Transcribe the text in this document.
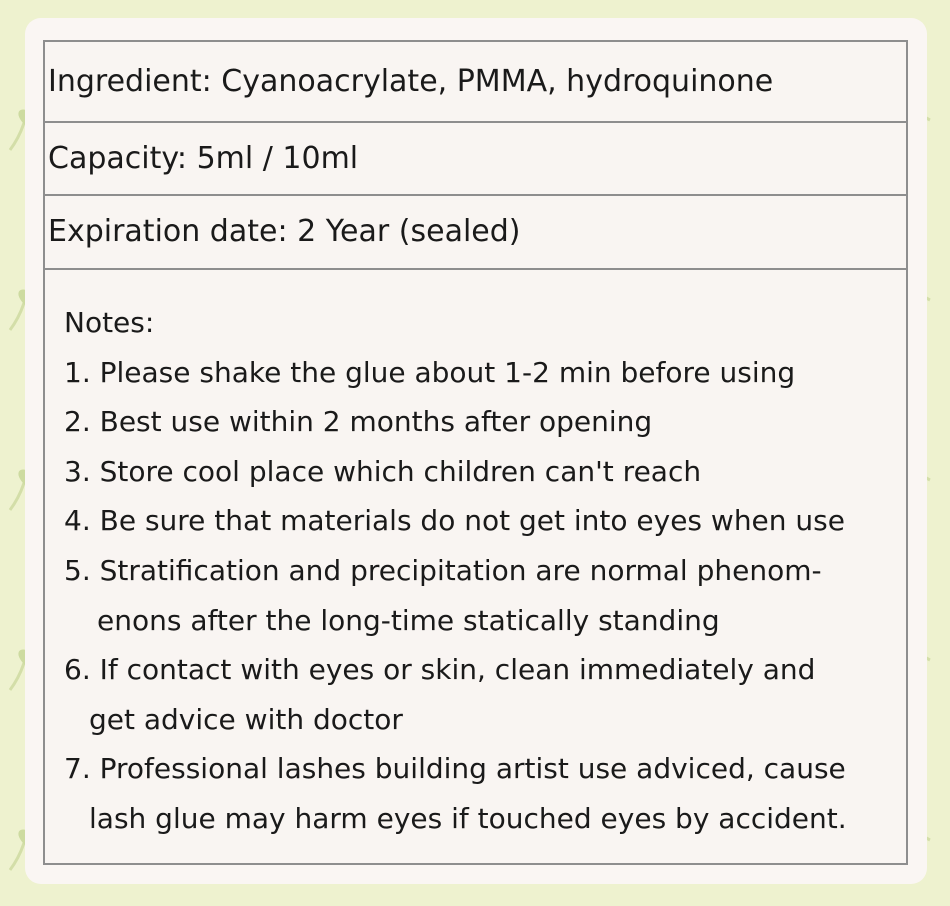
Ingredient: Cyanoacrylate, PMMA, hydroquinone
Capacity: 5ml / 10ml
Expiration date: 2 Year (sealed)
Notes:
1. Please shake the glue about 1-2 min before using
2. Best use within 2 months after opening
3. Store cool place which children can't reach
4. Be sure that materials do not get into eyes when use
5. Stratification and precipitation are normal phenom-
enons after the long-time statically standing
6. If contact with eyes or skin, clean immediately and
get advice with doctor
7. Professional lashes building artist use adviced, cause
lash glue may harm eyes if touched eyes by accident.
